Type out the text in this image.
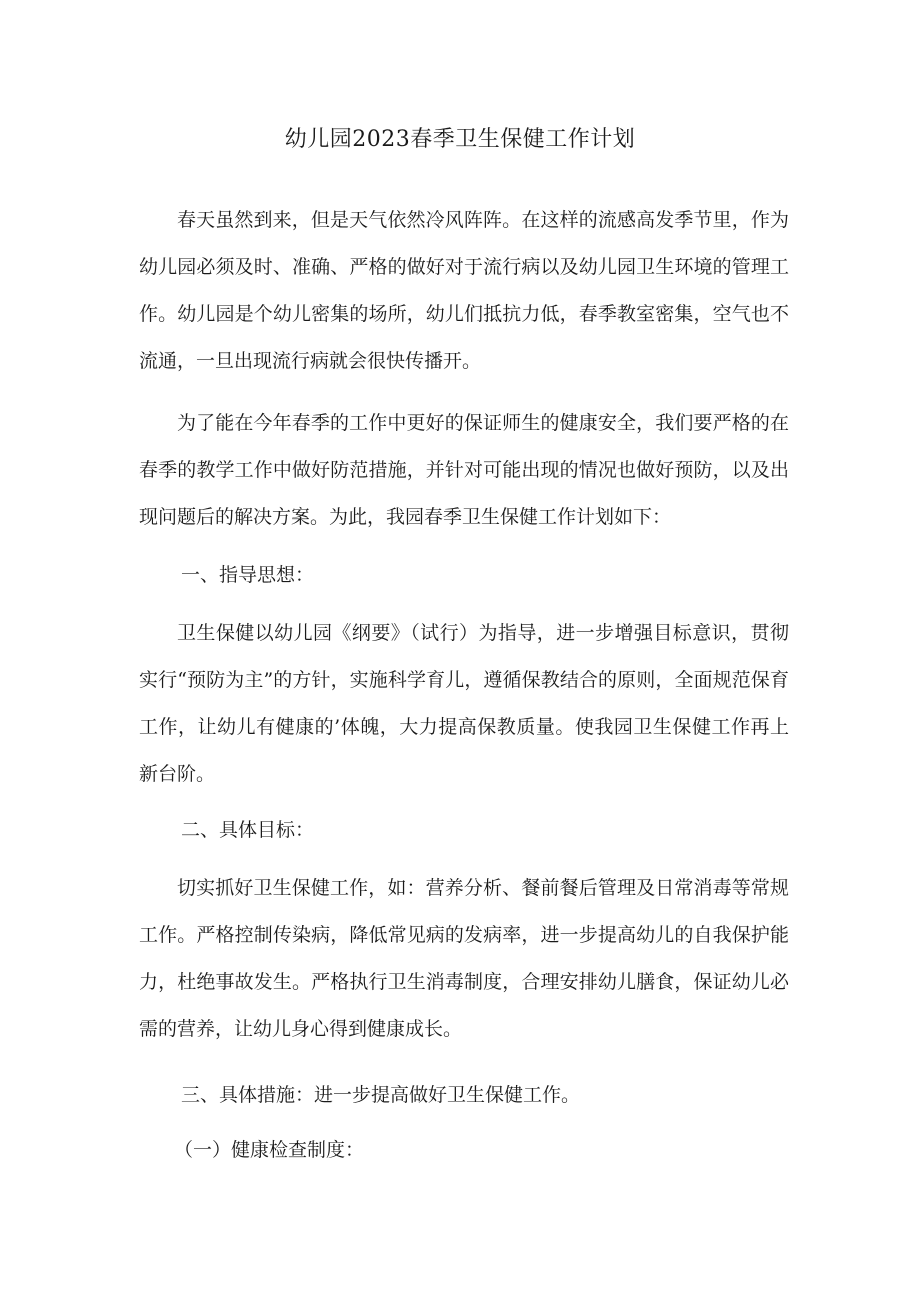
幼儿园2023春季卫生保健工作计划

春天虽然到来，但是天气依然冷风阵阵。在这样的流感高发季节里，作为幼儿园必须及时、准确、严格的做好对于流行病以及幼儿园卫生环境的管理工作。幼儿园是个幼儿密集的场所，幼儿们抵抗力低，春季教室密集，空气也不流通，一旦出现流行病就会很快传播开。

为了能在今年春季的工作中更好的保证师生的健康安全，我们要严格的在春季的教学工作中做好防范措施，并针对可能出现的情况也做好预防，以及出现问题后的解决方案。为此，我园春季卫生保健工作计划如下：

一、指导思想：

卫生保健以幼儿园《纲要》（试行）为指导，进一步增强目标意识，贯彻实行“预防为主”的方针，实施科学育儿，遵循保教结合的原则，全面规范保育工作，让幼儿有健康的’体魄，大力提高保教质量。使我园卫生保健工作再上新台阶。

二、具体目标：

切实抓好卫生保健工作，如：营养分析、餐前餐后管理及日常消毒等常规工作。严格控制传染病，降低常见病的发病率，进一步提高幼儿的自我保护能力，杜绝事故发生。严格执行卫生消毒制度，合理安排幼儿膳食，保证幼儿必需的营养，让幼儿身心得到健康成长。

三、具体措施：进一步提高做好卫生保健工作。
（一）健康检查制度：
